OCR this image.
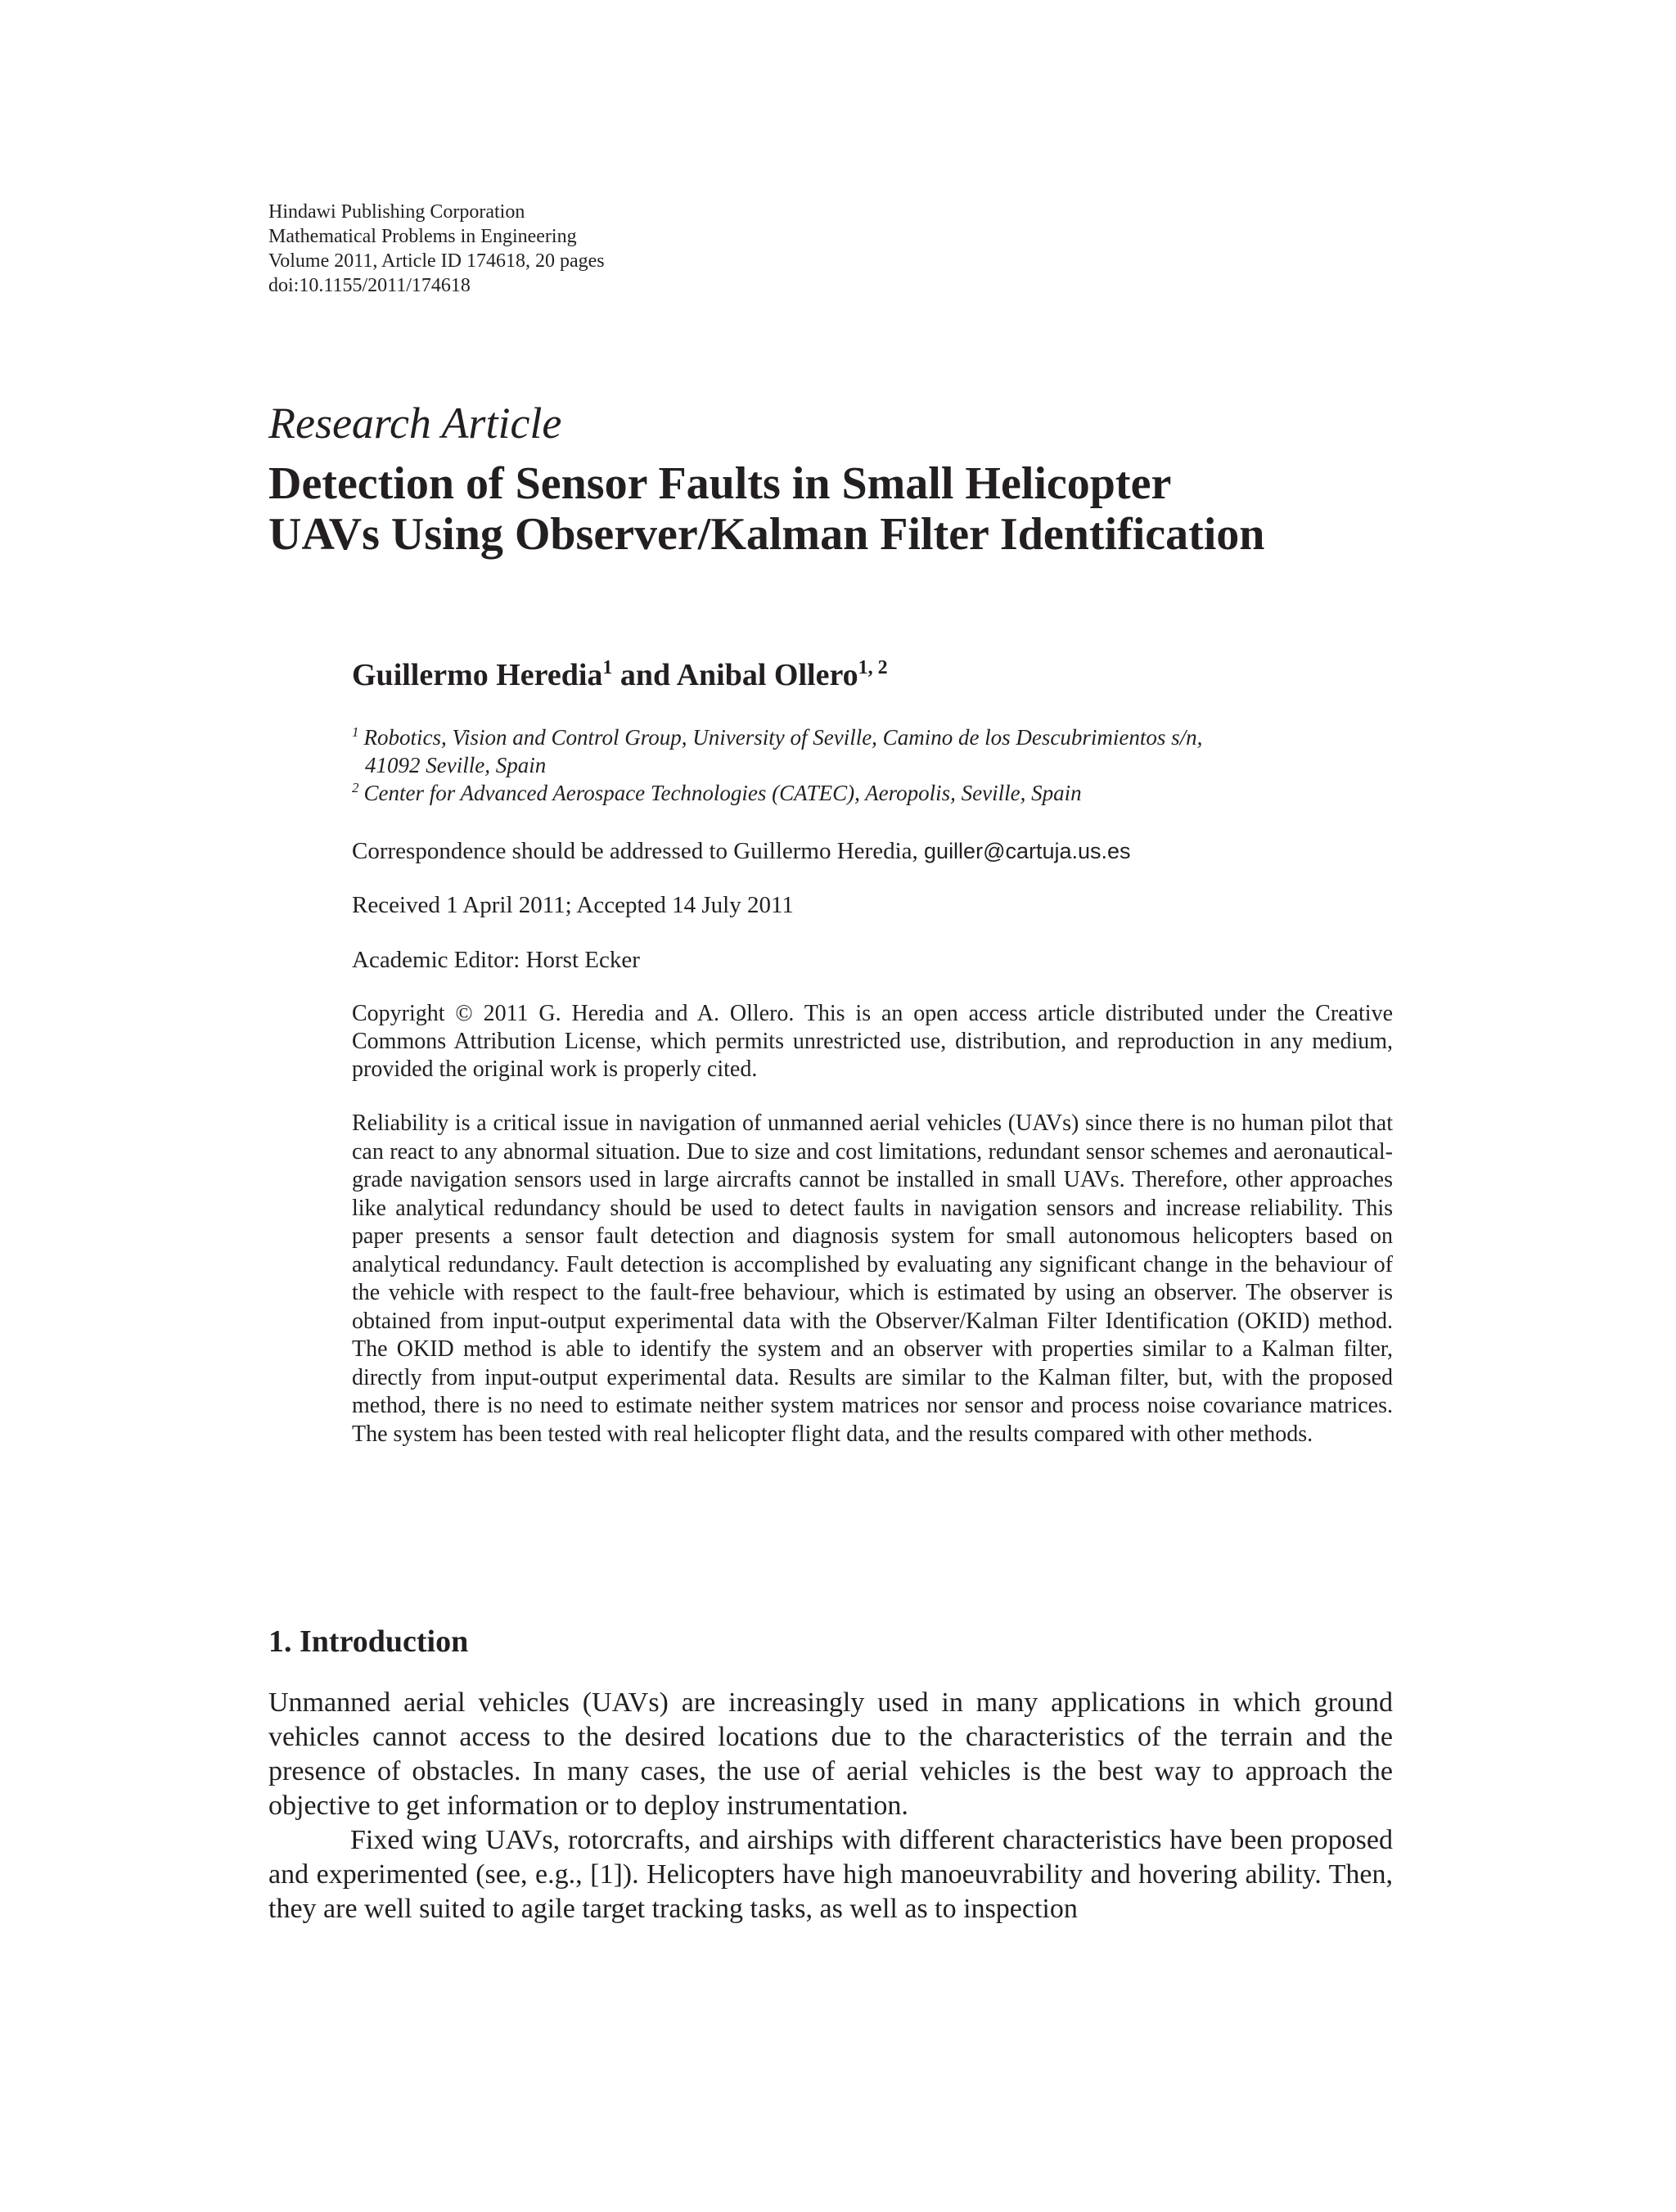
Hindawi Publishing Corporation
Mathematical Problems in Engineering
Volume 2011, Article ID 174618, 20 pages
doi:10.1155/2011/174618
Research Article
Detection of Sensor Faults in Small Helicopter
UAVs Using Observer/Kalman Filter Identification
Guillermo Heredia$^1$ and Anibal Ollero$^{1, 2}$
$^1$ Robotics, Vision and Control Group, University of Seville, Camino de los Descubrimientos s/n,
41092 Seville, Spain
$^2$ Center for Advanced Aerospace Technologies (CATEC), Aeropolis, Seville, Spain
Correspondence should be addressed to Guillermo Heredia, guiller@cartuja.us.es
Received 1 April 2011; Accepted 14 July 2011
Academic Editor: Horst Ecker
Copyright © 2011 G. Heredia and A. Ollero. This is an open access article distributed under the Creative Commons Attribution License, which permits unrestricted use, distribution, and reproduction in any medium, provided the original work is properly cited.
Reliability is a critical issue in navigation of unmanned aerial vehicles (UAVs) since there is no human pilot that can react to any abnormal situation. Due to size and cost limitations, redundant sensor schemes and aeronautical-grade navigation sensors used in large aircrafts cannot be installed in small UAVs. Therefore, other approaches like analytical redundancy should be used to detect faults in navigation sensors and increase reliability. This paper presents a sensor fault detection and diagnosis system for small autonomous helicopters based on analytical redundancy. Fault detection is accomplished by evaluating any significant change in the behaviour of the vehicle with respect to the fault-free behaviour, which is estimated by using an observer. The observer is obtained from input-output experimental data with the Observer/Kalman Filter Identification (OKID) method. The OKID method is able to identify the system and an observer with properties similar to a Kalman filter, directly from input-output experimental data. Results are similar to the Kalman filter, but, with the proposed method, there is no need to estimate neither system matrices nor sensor and process noise covariance matrices. The system has been tested with real helicopter flight data, and the results compared with other methods.
1. Introduction

Unmanned aerial vehicles (UAVs) are increasingly used in many applications in which ground vehicles cannot access to the desired locations due to the characteristics of the terrain and the presence of obstacles. In many cases, the use of aerial vehicles is the best way to approach the objective to get information or to deploy instrumentation.

Fixed wing UAVs, rotorcrafts, and airships with different characteristics have been proposed and experimented (see, e.g., [1]). Helicopters have high manoeuvrability and hovering ability. Then, they are well suited to agile target tracking tasks, as well as to inspection
